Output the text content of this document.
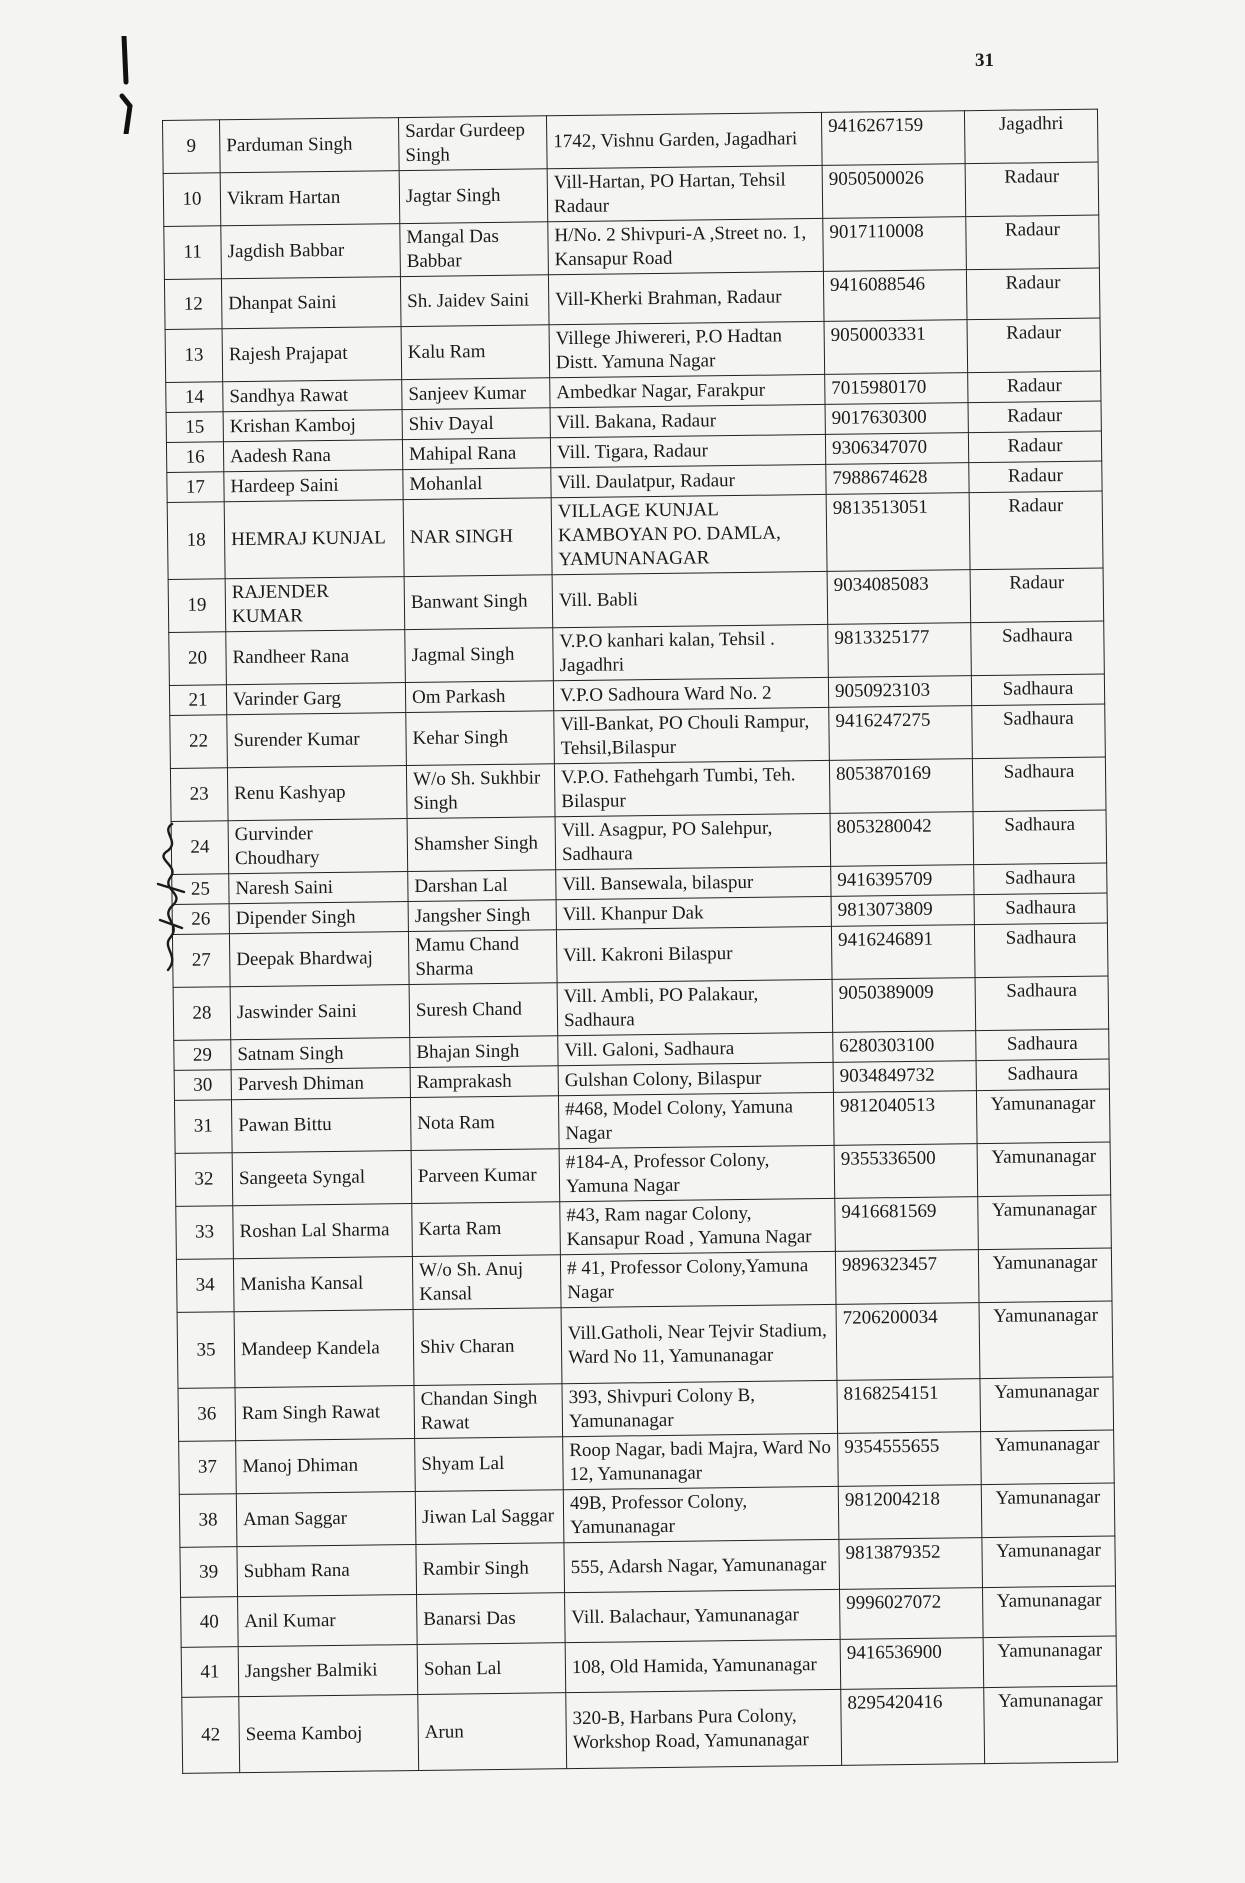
31
9	Parduman Singh	Sardar Gurdeep Singh	1742, Vishnu Garden, Jagadhari	9416267159	Jagadhri
10	Vikram Hartan	Jagtar Singh	Vill-Hartan, PO Hartan, Tehsil Radaur	9050500026	Radaur
11	Jagdish Babbar	Mangal Das Babbar	H/No. 2 Shivpuri-A ,Street no. 1, Kansapur Road	9017110008	Radaur
12	Dhanpat Saini	Sh. Jaidev Saini	Vill-Kherki Brahman, Radaur	9416088546	Radaur
13	Rajesh Prajapat	Kalu Ram	Villege Jhiwereri, P.O Hadtan Distt. Yamuna Nagar	9050003331	Radaur
14	Sandhya Rawat	Sanjeev Kumar	Ambedkar Nagar, Farakpur	7015980170	Radaur
15	Krishan Kamboj	Shiv Dayal	Vill. Bakana, Radaur	9017630300	Radaur
16	Aadesh Rana	Mahipal Rana	Vill. Tigara, Radaur	9306347070	Radaur
17	Hardeep Saini	Mohanlal	Vill. Daulatpur, Radaur	7988674628	Radaur
18	HEMRAJ KUNJAL	NAR SINGH	VILLAGE KUNJAL KAMBOYAN PO. DAMLA, YAMUNANAGAR	9813513051	Radaur
19	RAJENDER KUMAR	Banwant Singh	Vill. Babli	9034085083	Radaur
20	Randheer Rana	Jagmal Singh	V.P.O kanhari kalan, Tehsil . Jagadhri	9813325177	Sadhaura
21	Varinder Garg	Om Parkash	V.P.O Sadhoura Ward No. 2	9050923103	Sadhaura
22	Surender Kumar	Kehar Singh	Vill-Bankat, PO Chouli Rampur, Tehsil,Bilaspur	9416247275	Sadhaura
23	Renu Kashyap	W/o Sh. Sukhbir Singh	V.P.O. Fathehgarh Tumbi, Teh. Bilaspur	8053870169	Sadhaura
24	Gurvinder Choudhary	Shamsher Singh	Vill. Asagpur, PO Salehpur, Sadhaura	8053280042	Sadhaura
25	Naresh Saini	Darshan Lal	Vill. Bansewala, bilaspur	9416395709	Sadhaura
26	Dipender Singh	Jangsher Singh	Vill. Khanpur Dak	9813073809	Sadhaura
27	Deepak Bhardwaj	Mamu Chand Sharma	Vill. Kakroni Bilaspur	9416246891	Sadhaura
28	Jaswinder Saini	Suresh Chand	Vill. Ambli, PO Palakaur, Sadhaura	9050389009	Sadhaura
29	Satnam Singh	Bhajan Singh	Vill. Galoni, Sadhaura	6280303100	Sadhaura
30	Parvesh Dhiman	Ramprakash	Gulshan Colony, Bilaspur	9034849732	Sadhaura
31	Pawan Bittu	Nota Ram	#468, Model Colony, Yamuna Nagar	9812040513	Yamunanagar
32	Sangeeta Syngal	Parveen Kumar	#184-A, Professor Colony, Yamuna Nagar	9355336500	Yamunanagar
33	Roshan Lal Sharma	Karta Ram	#43, Ram nagar Colony, Kansapur Road , Yamuna Nagar	9416681569	Yamunanagar
34	Manisha Kansal	W/o Sh. Anuj Kansal	# 41, Professor Colony,Yamuna Nagar	9896323457	Yamunanagar
35	Mandeep Kandela	Shiv Charan	Vill.Gatholi, Near Tejvir Stadium, Ward No 11, Yamunanagar	7206200034	Yamunanagar
36	Ram Singh Rawat	Chandan Singh Rawat	393, Shivpuri Colony B, Yamunanagar	8168254151	Yamunanagar
37	Manoj Dhiman	Shyam Lal	Roop Nagar, badi Majra, Ward No 12, Yamunanagar	9354555655	Yamunanagar
38	Aman Saggar	Jiwan Lal Saggar	49B, Professor Colony, Yamunanagar	9812004218	Yamunanagar
39	Subham Rana	Rambir Singh	555, Adarsh Nagar, Yamunanagar	9813879352	Yamunanagar
40	Anil Kumar	Banarsi Das	Vill. Balachaur, Yamunanagar	9996027072	Yamunanagar
41	Jangsher Balmiki	Sohan Lal	108, Old Hamida, Yamunanagar	9416536900	Yamunanagar
42	Seema Kamboj	Arun	320-B, Harbans Pura Colony, Workshop Road, Yamunanagar	8295420416	Yamunanagar
